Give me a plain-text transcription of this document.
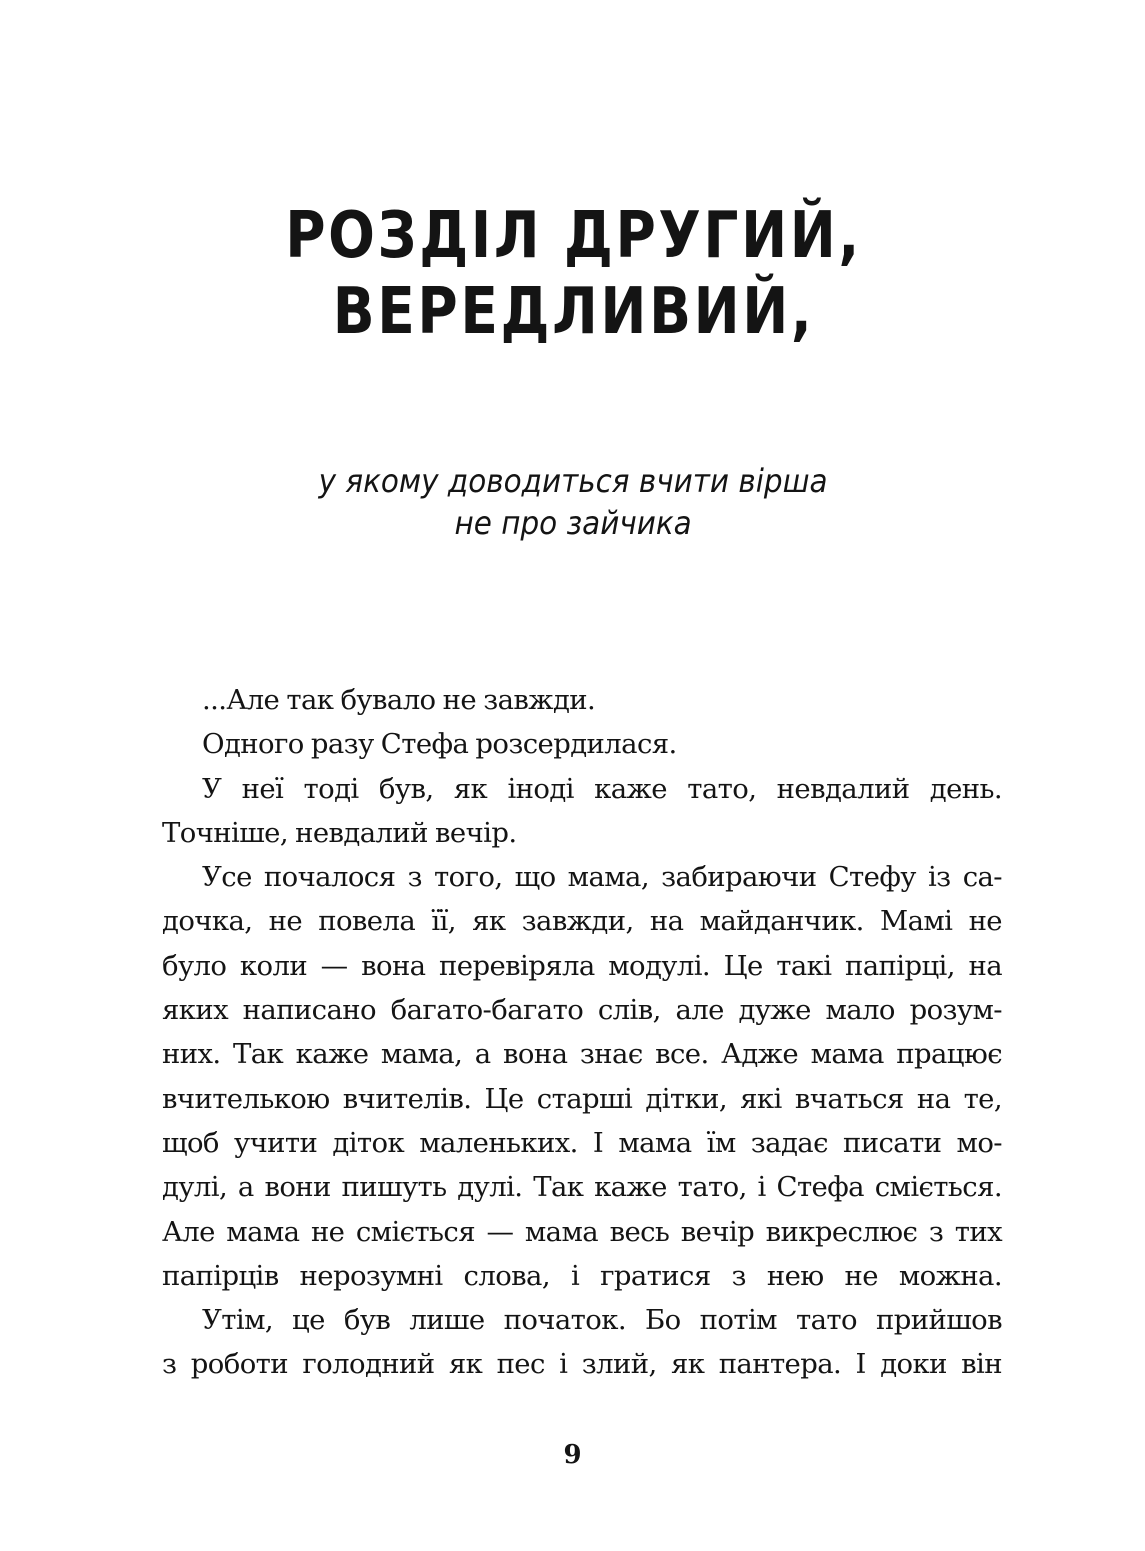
РОЗДІЛ ДРУГИЙ,
ВЕРЕДЛИВИЙ,
у якому доводиться вчити вірша
не про зайчика
...Але так бувало не завжди.
Одного разу Стефа розсердилася.
У неї тоді був, як іноді каже тато, невдалий день.
Точніше, невдалий вечір.
Усе почалося з того, що мама, забираючи Стефу із са-
дочка, не повела її, як завжди, на майданчик. Мамі не
було коли — вона перевіряла модулі. Це такі папірці, на
яких написано багато-багато слів, але дуже мало розум-
них. Так каже мама, а вона знає все. Адже мама працює
вчителькою вчителів. Це старші дітки, які вчаться на те,
щоб учити діток маленьких. І мама їм задає писати мо-
дулі, а вони пишуть дулі. Так каже тато, і Стефа сміється.
Але мама не сміється — мама весь вечір викреслює з тих
папірців нерозумні слова, і гратися з нею не можна.
Утім, це був лише початок. Бо потім тато прийшов
з роботи голодний як пес і злий, як пантера. І доки він
9
